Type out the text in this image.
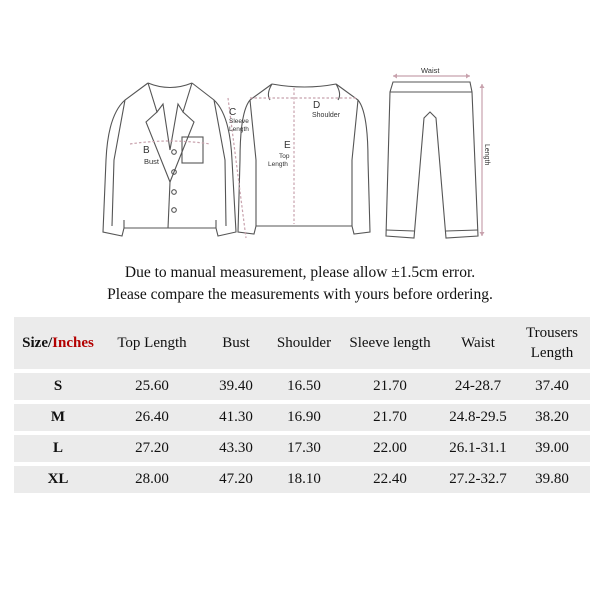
B
Bust
C
Sleeve
Length
D
Shoulder
E
Top
Length
Waist
Length
Due to manual measurement, please allow ±1.5cm error.
Please compare the measurements with yours before ordering.
Size/Inches	Top Length	Bust	Shoulder	Sleeve length	Waist	Trousers
Length

S	25.60	39.40	16.50	21.70	24-28.7	37.40
M	26.40	41.30	16.90	21.70	24.8-29.5	38.20
L	27.20	43.30	17.30	22.00	26.1-31.1	39.00
XL	28.00	47.20	18.10	22.40	27.2-32.7	39.80
